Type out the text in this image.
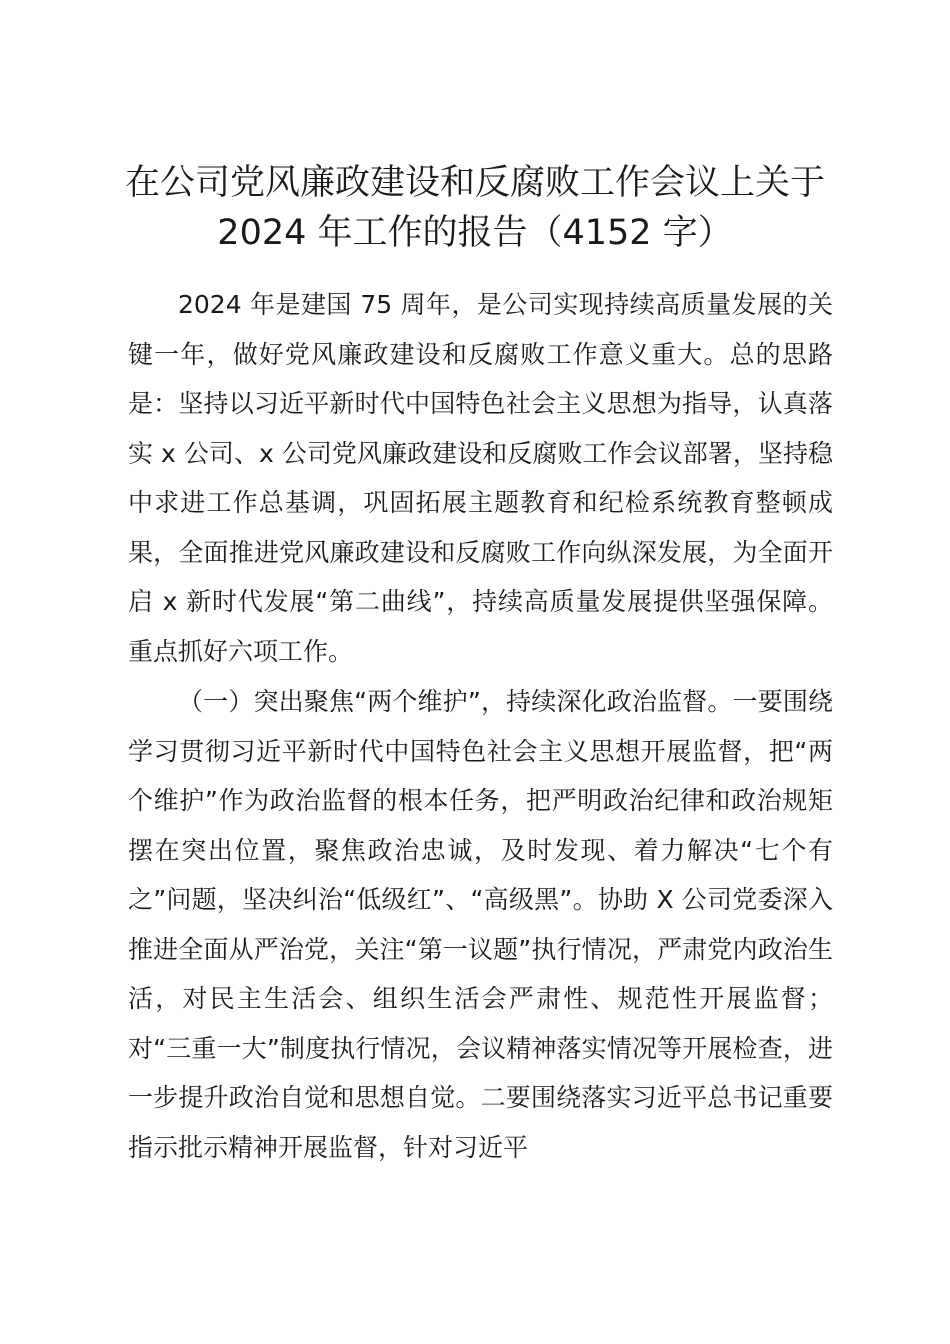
在公司党风廉政建设和反腐败工作会议上关于
2024 年工作的报告（4152 字）

2024 年是建国 75 周年，是公司实现持续高质量发展的关键一年，做好党风廉政建设和反腐败工作意义重大。总的思路是：坚持以习近平新时代中国特色社会主义思想为指导，认真落实 x 公司、x 公司党风廉政建设和反腐败工作会议部署，坚持稳中求进工作总基调，巩固拓展主题教育和纪检系统教育整顿成果，全面推进党风廉政建设和反腐败工作向纵深发展，为全面开启 x 新时代发展“第二曲线”，持续高质量发展提供坚强保障。重点抓好六项工作。

（一）突出聚焦“两个维护”，持续深化政治监督。一要围绕学习贯彻习近平新时代中国特色社会主义思想开展监督，把“两个维护”作为政治监督的根本任务，把严明政治纪律和政治规矩摆在突出位置，聚焦政治忠诚，及时发现、着力解决“七个有之”问题，坚决纠治“低级红”、“高级黑”。协助 X 公司党委深入推进全面从严治党，关注“第一议题”执行情况，严肃党内政治生活，对民主生活会、组织生活会严肃性、规范性开展监督；对“三重一大”制度执行情况，会议精神落实情况等开展检查，进一步提升政治自觉和思想自觉。二要围绕落实习近平总书记重要指示批示精神开展监督，针对习近平
